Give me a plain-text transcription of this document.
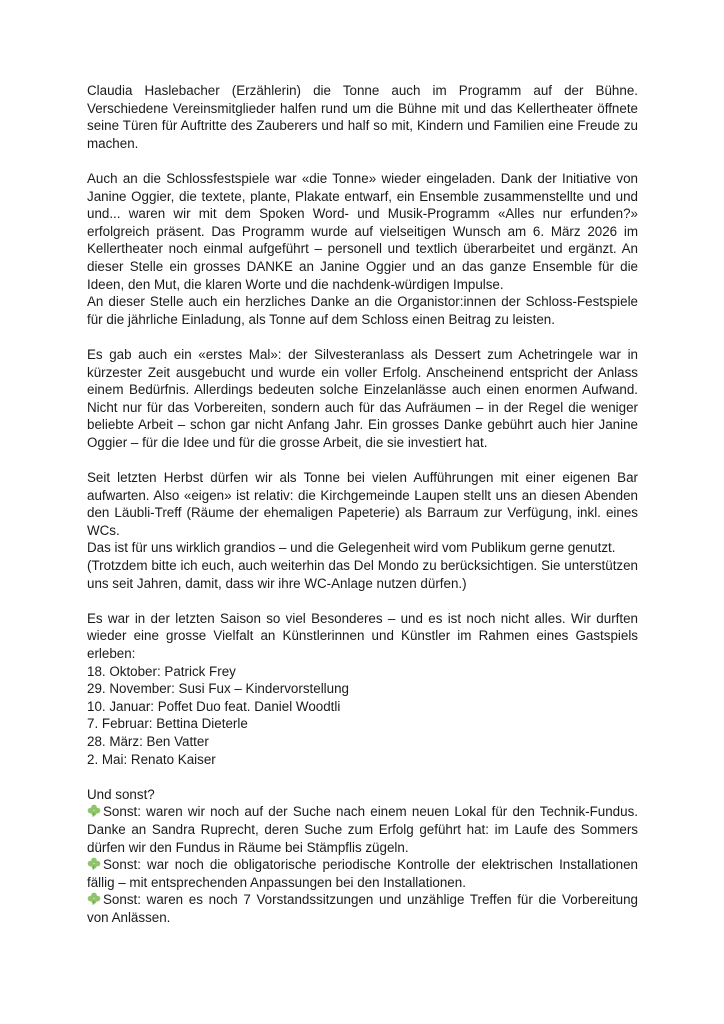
Claudia Haslebacher (Erzählerin) die Tonne auch im Programm auf der Bühne. Verschiedene Vereinsmitglieder halfen rund um die Bühne mit und das Kellertheater öffnete seine Türen für Auftritte des Zauberers und half so mit, Kindern und Familien eine Freude zu machen.

Auch an die Schlossfestspiele war «die Tonne» wieder eingeladen. Dank der Initiative von Janine Oggier, die textete, plante, Plakate entwarf, ein Ensemble zusammenstellte und und und... waren wir mit dem Spoken Word- und Musik-Programm «Alles nur erfunden?» erfolgreich präsent. Das Programm wurde auf vielseitigen Wunsch am 6. März 2026 im Kellertheater noch einmal aufgeführt – personell und textlich überarbeitet und ergänzt. An dieser Stelle ein grosses DANKE an Janine Oggier und an das ganze Ensemble für die Ideen, den Mut, die klaren Worte und die nachdenk-würdigen Impulse.

An dieser Stelle auch ein herzliches Danke an die Organistor:innen der Schloss-Festspiele für die jährliche Einladung, als Tonne auf dem Schloss einen Beitrag zu leisten.

Es gab auch ein «erstes Mal»: der Silvesteranlass als Dessert zum Achetringele war in kürzester Zeit ausgebucht und wurde ein voller Erfolg. Anscheinend entspricht der Anlass einem Bedürfnis. Allerdings bedeuten solche Einzelanlässe auch einen enormen Aufwand. Nicht nur für das Vorbereiten, sondern auch für das Aufräumen – in der Regel die weniger beliebte Arbeit – schon gar nicht Anfang Jahr. Ein grosses Danke gebührt auch hier Janine Oggier – für die Idee und für die grosse Arbeit, die sie investiert hat.

Seit letzten Herbst dürfen wir als Tonne bei vielen Aufführungen mit einer eigenen Bar aufwarten. Also «eigen» ist relativ: die Kirchgemeinde Laupen stellt uns an diesen Abenden den Läubli-Treff (Räume der ehemaligen Papeterie) als Barraum zur Verfügung, inkl. eines WCs.

Das ist für uns wirklich grandios – und die Gelegenheit wird vom Publikum gerne genutzt.

(Trotzdem bitte ich euch, auch weiterhin das Del Mondo zu berücksichtigen. Sie unterstützen uns seit Jahren, damit, dass wir ihre WC-Anlage nutzen dürfen.)

Es war in der letzten Saison so viel Besonderes – und es ist noch nicht alles. Wir durften wieder eine grosse Vielfalt an Künstlerinnen und Künstler im Rahmen eines Gastspiels erleben:

18. Oktober: Patrick Frey

29. November: Susi Fux – Kindervorstellung

10. Januar: Poffet Duo feat. Daniel Woodtli

7. Februar: Bettina Dieterle

28. März: Ben Vatter

2. Mai: Renato Kaiser

Und sonst?

Sonst: waren wir noch auf der Suche nach einem neuen Lokal für den Technik-Fundus. Danke an Sandra Ruprecht, deren Suche zum Erfolg geführt hat: im Laufe des Sommers dürfen wir den Fundus in Räume bei Stämpflis zügeln.

Sonst: war noch die obligatorische periodische Kontrolle der elektrischen Installationen fällig – mit entsprechenden Anpassungen bei den Installationen.

Sonst: waren es noch 7 Vorstandssitzungen und unzählige Treffen für die Vorbereitung von Anlässen.
